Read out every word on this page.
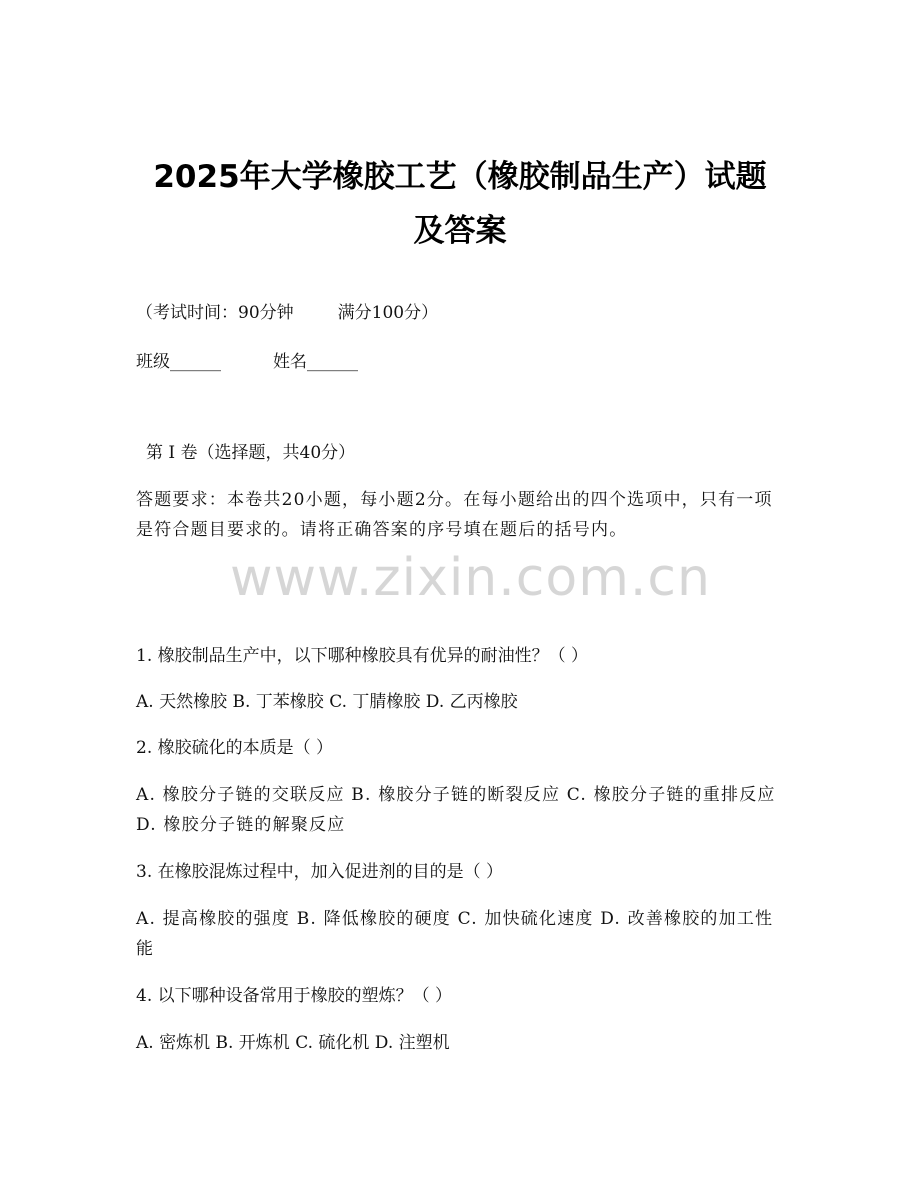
2025年大学橡胶工艺（橡胶制品生产）试题
及答案
（考试时间：90分钟	满分100分）
班级______	姓名______
第 I 卷（选择题，共40分）
答题要求：本卷共20小题，每小题2分。在每小题给出的四个选项中，只有一项是符合题目要求的。请将正确答案的序号填在题后的括号内。
www.zixin.com.cn
1. 橡胶制品生产中，以下哪种橡胶具有优异的耐油性？（ ）
A. 天然橡胶 B. 丁苯橡胶 C. 丁腈橡胶 D. 乙丙橡胶
2. 橡胶硫化的本质是（ ）
A. 橡胶分子链的交联反应 B. 橡胶分子链的断裂反应 C. 橡胶分子链的重排反应 D. 橡胶分子链的解聚反应
3. 在橡胶混炼过程中，加入促进剂的目的是（ ）
A. 提高橡胶的强度 B. 降低橡胶的硬度 C. 加快硫化速度 D. 改善橡胶的加工性能
4. 以下哪种设备常用于橡胶的塑炼？（ ）
A. 密炼机 B. 开炼机 C. 硫化机 D. 注塑机
